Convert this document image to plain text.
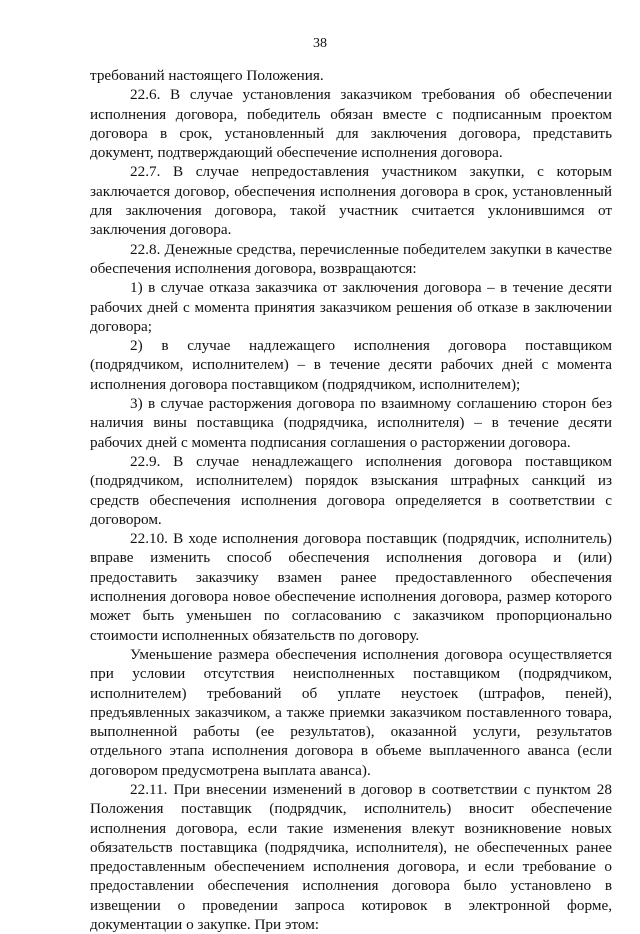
38

требований настоящего Положения.

22.6. В случае установления заказчиком требования об обеспечении исполнения договора, победитель обязан вместе с подписанным проектом договора в срок, установленный для заключения договора, представить документ, подтверждающий обеспечение исполнения договора.

22.7. В случае непредоставления участником закупки, с которым заключается договор, обеспечения исполнения договора в срок, установленный для заключения договора, такой участник считается уклонившимся от заключения договора.

22.8. Денежные средства, перечисленные победителем закупки в качестве обеспечения исполнения договора, возвращаются:

1) в случае отказа заказчика от заключения договора – в течение десяти рабочих дней с момента принятия заказчиком решения об отказе в заключении договора;

2) в случае надлежащего исполнения договора поставщиком (подрядчиком, исполнителем) – в течение десяти рабочих дней с момента исполнения договора поставщиком (подрядчиком, исполнителем);

3) в случае расторжения договора по взаимному соглашению сторон без наличия вины поставщика (подрядчика, исполнителя) – в течение десяти рабочих дней с момента подписания соглашения о расторжении договора.

22.9. В случае ненадлежащего исполнения договора поставщиком (подрядчиком, исполнителем) порядок взыскания штрафных санкций из средств обеспечения исполнения договора определяется в соответствии с договором.

22.10. В ходе исполнения договора поставщик (подрядчик, исполнитель) вправе изменить способ обеспечения исполнения договора и (или) предоставить заказчику взамен ранее предоставленного обеспечения исполнения договора новое обеспечение исполнения договора, размер которого может быть уменьшен по согласованию с заказчиком пропорционально стоимости исполненных обязательств по договору.

Уменьшение размера обеспечения исполнения договора осуществляется при условии отсутствия неисполненных поставщиком (подрядчиком, исполнителем) требований об уплате неустоек (штрафов, пеней), предъявленных заказчиком, а также приемки заказчиком поставленного товара, выполненной работы (ее результатов), оказанной услуги, результатов отдельного этапа исполнения договора в объеме выплаченного аванса (если договором предусмотрена выплата аванса).

22.11. При внесении изменений в договор в соответствии с пунктом 28 Положения поставщик (подрядчик, исполнитель) вносит обеспечение исполнения договора, если такие изменения влекут возникновение новых обязательств поставщика (подрядчика, исполнителя), не обеспеченных ранее предоставленным обеспечением исполнения договора, и если требование о предоставлении обеспечения исполнения договора было установлено в извещении о проведении запроса котировок в электронной форме, документации о закупке. При этом:
